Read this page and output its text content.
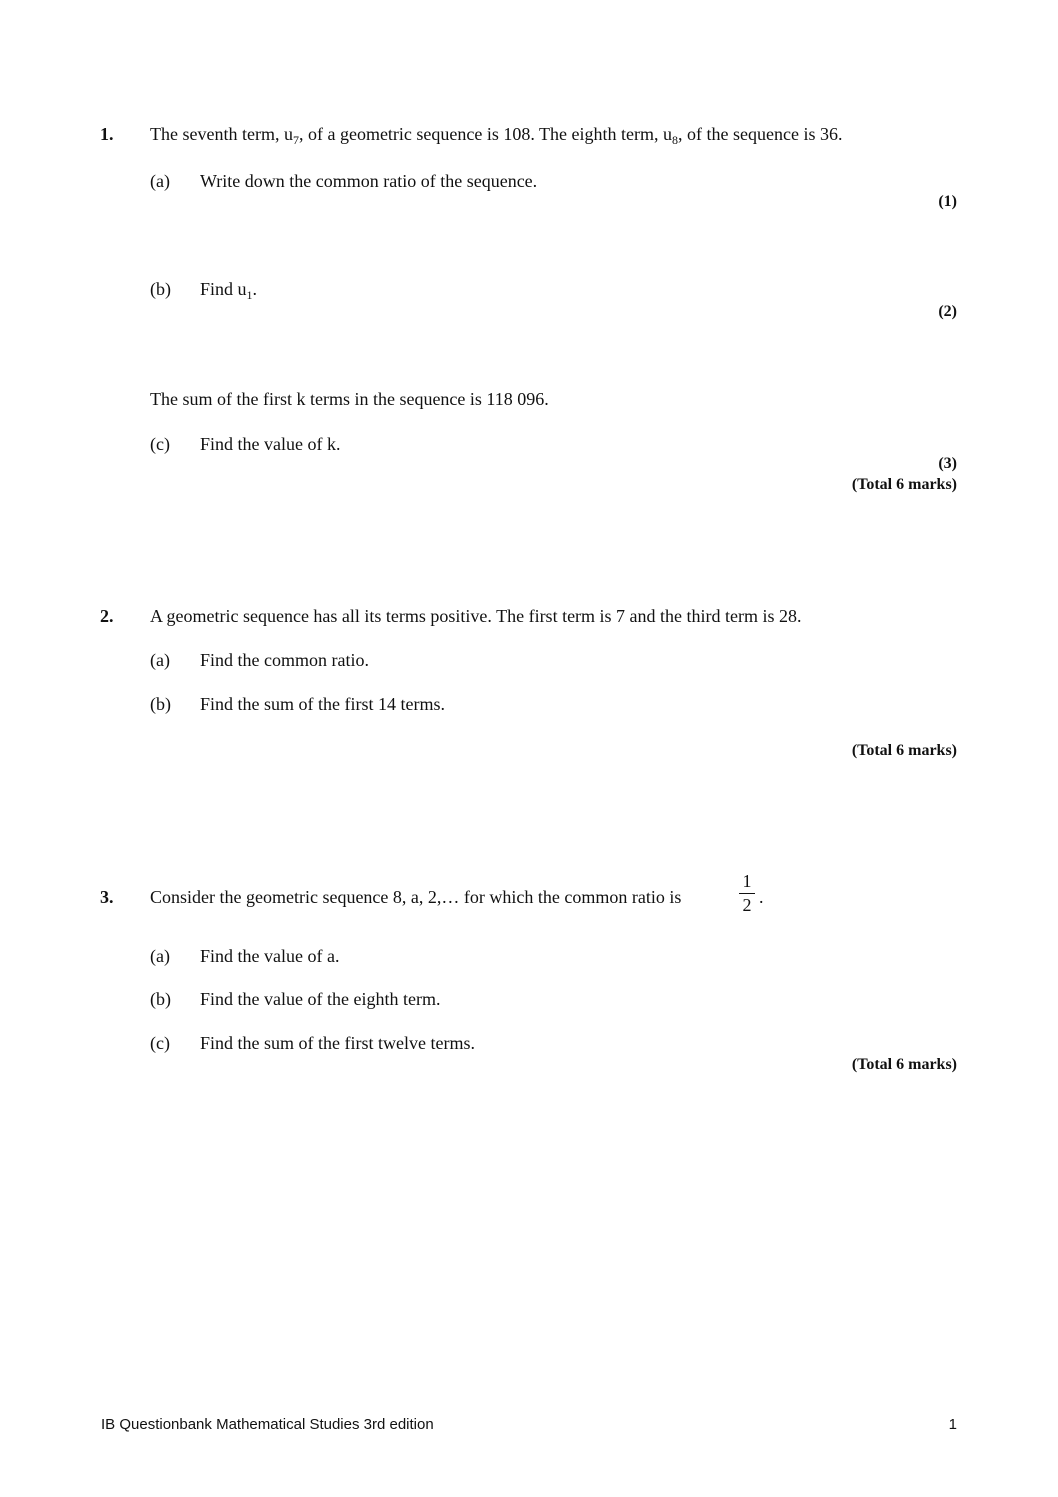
1. The seventh term, $u_7$, of a geometric sequence is 108. The eighth term, $u_8$, of the sequence is 36.
(a) Write down the common ratio of the sequence.
(1)
(b) Find $u_1$.
(2)
The sum of the first k terms in the sequence is 118 096.
(c) Find the value of k.
(3)
(Total 6 marks)
2. A geometric sequence has all its terms positive. The first term is 7 and the third term is 28.
(a) Find the common ratio.
(b) Find the sum of the first 14 terms.
(Total 6 marks)
3. Consider the geometric sequence 8, a, 2,… for which the common ratio is
1
2 .
(a) Find the value of a.
(b) Find the value of the eighth term.
(c) Find the sum of the first twelve terms.
(Total 6 marks)
IB Questionbank Mathematical Studies 3rd edition	1
